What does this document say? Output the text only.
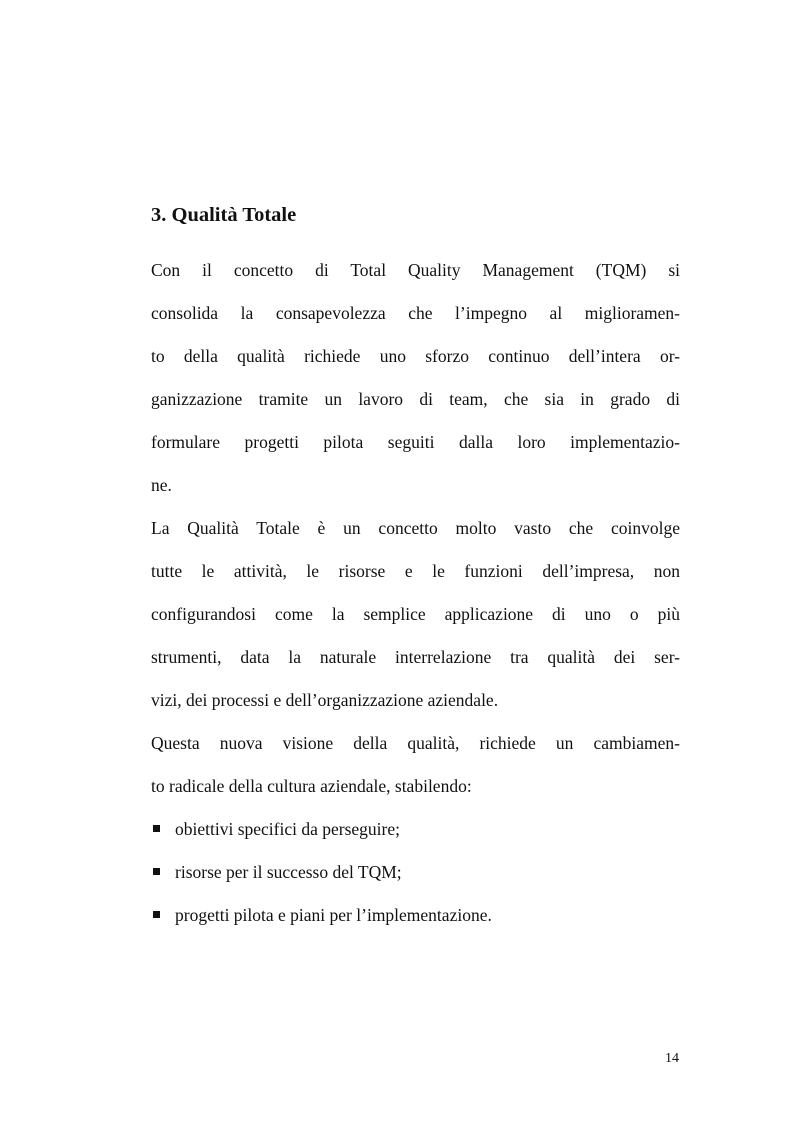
3. Qualità Totale

Con il concetto di Total Quality Management (TQM) si

consolida la consapevolezza che l’impegno al miglioramen-

to della qualità richiede uno sforzo continuo dell’intera or-

ganizzazione tramite un lavoro di team, che sia in grado di

formulare progetti pilota seguiti dalla loro implementazio-

ne.

La Qualità Totale è un concetto molto vasto che coinvolge

tutte le attività, le risorse e le funzioni dell’impresa, non

configurandosi come la semplice applicazione di uno o più

strumenti, data la naturale interrelazione tra qualità dei ser-

vizi, dei processi e dell’organizzazione aziendale.

Questa nuova visione della qualità, richiede un cambiamen-

to radicale della cultura aziendale, stabilendo:

obiettivi specifici da perseguire;
risorse per il successo del TQM;
progetti pilota e piani per l’implementazione.

14
